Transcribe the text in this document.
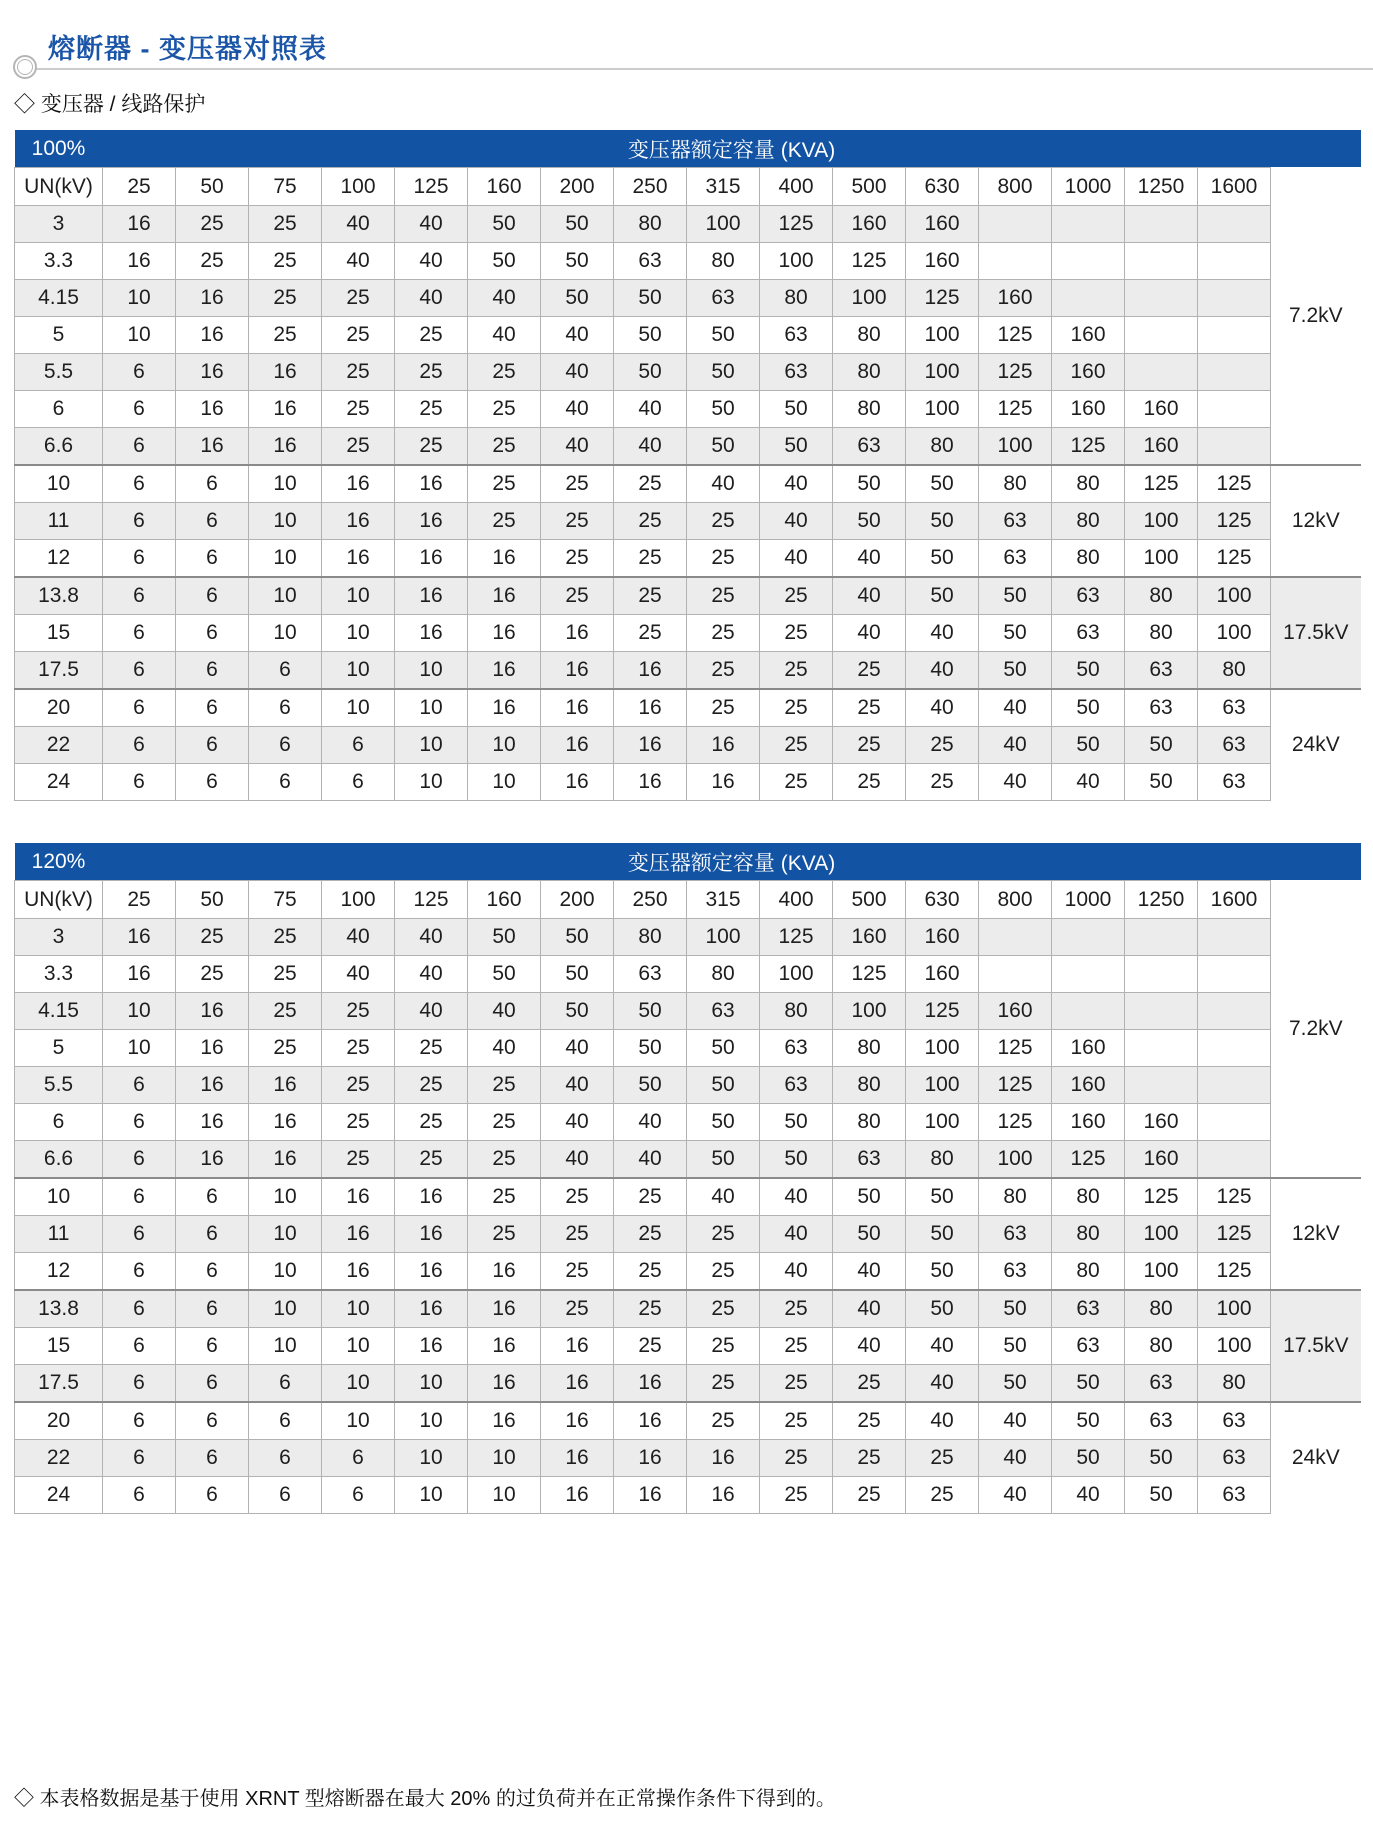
熔断器 - 变压器对照表
◇ 变压器 / 线路保护
100%	变压器额定容量 (KVA)																
UN(kV)	25	50	75	100	125	160	200	250	315	400	500	630	800	1000	1250	1600	7.2kV
3	16	25	25	40	40	50	50	80	100	125	160	160					
3.3	16	25	25	40	40	50	50	63	80	100	125	160					
4.15	10	16	25	25	40	40	50	50	63	80	100	125	160				
5	10	16	25	25	25	40	40	50	50	63	80	100	125	160			
5.5	6	16	16	25	25	25	40	50	50	63	80	100	125	160			
6	6	16	16	25	25	25	40	40	50	50	80	100	125	160	160		
6.6	6	16	16	25	25	25	40	40	50	50	63	80	100	125	160		
10	6	6	10	16	16	25	25	25	40	40	50	50	80	80	125	125	12kV
11	6	6	10	16	16	25	25	25	25	40	50	50	63	80	100	125	
12	6	6	10	16	16	16	25	25	25	40	40	50	63	80	100	125	
13.8	6	6	10	10	16	16	25	25	25	25	40	50	50	63	80	100	17.5kV
15	6	6	10	10	16	16	16	25	25	25	40	40	50	63	80	100	
17.5	6	6	6	10	10	16	16	16	25	25	25	40	50	50	63	80	
20	6	6	6	10	10	16	16	16	25	25	25	40	40	50	63	63	24kV
22	6	6	6	6	10	10	16	16	16	25	25	25	40	50	50	63	
24	6	6	6	6	10	10	16	16	16	25	25	25	40	40	50	63	
120%	变压器额定容量 (KVA)																
UN(kV)	25	50	75	100	125	160	200	250	315	400	500	630	800	1000	1250	1600	7.2kV
3	16	25	25	40	40	50	50	80	100	125	160	160					
3.3	16	25	25	40	40	50	50	63	80	100	125	160					
4.15	10	16	25	25	40	40	50	50	63	80	100	125	160				
5	10	16	25	25	25	40	40	50	50	63	80	100	125	160			
5.5	6	16	16	25	25	25	40	50	50	63	80	100	125	160			
6	6	16	16	25	25	25	40	40	50	50	80	100	125	160	160		
6.6	6	16	16	25	25	25	40	40	50	50	63	80	100	125	160		
10	6	6	10	16	16	25	25	25	40	40	50	50	80	80	125	125	12kV
11	6	6	10	16	16	25	25	25	25	40	50	50	63	80	100	125	
12	6	6	10	16	16	16	25	25	25	40	40	50	63	80	100	125	
13.8	6	6	10	10	16	16	25	25	25	25	40	50	50	63	80	100	17.5kV
15	6	6	10	10	16	16	16	25	25	25	40	40	50	63	80	100	
17.5	6	6	6	10	10	16	16	16	25	25	25	40	50	50	63	80	
20	6	6	6	10	10	16	16	16	25	25	25	40	40	50	63	63	24kV
22	6	6	6	6	10	10	16	16	16	25	25	25	40	50	50	63	
24	6	6	6	6	10	10	16	16	16	25	25	25	40	40	50	63	
◇ 本表格数据是基于使用 XRNT 型熔断器在最大 20% 的过负荷并在正常操作条件下得到的。
